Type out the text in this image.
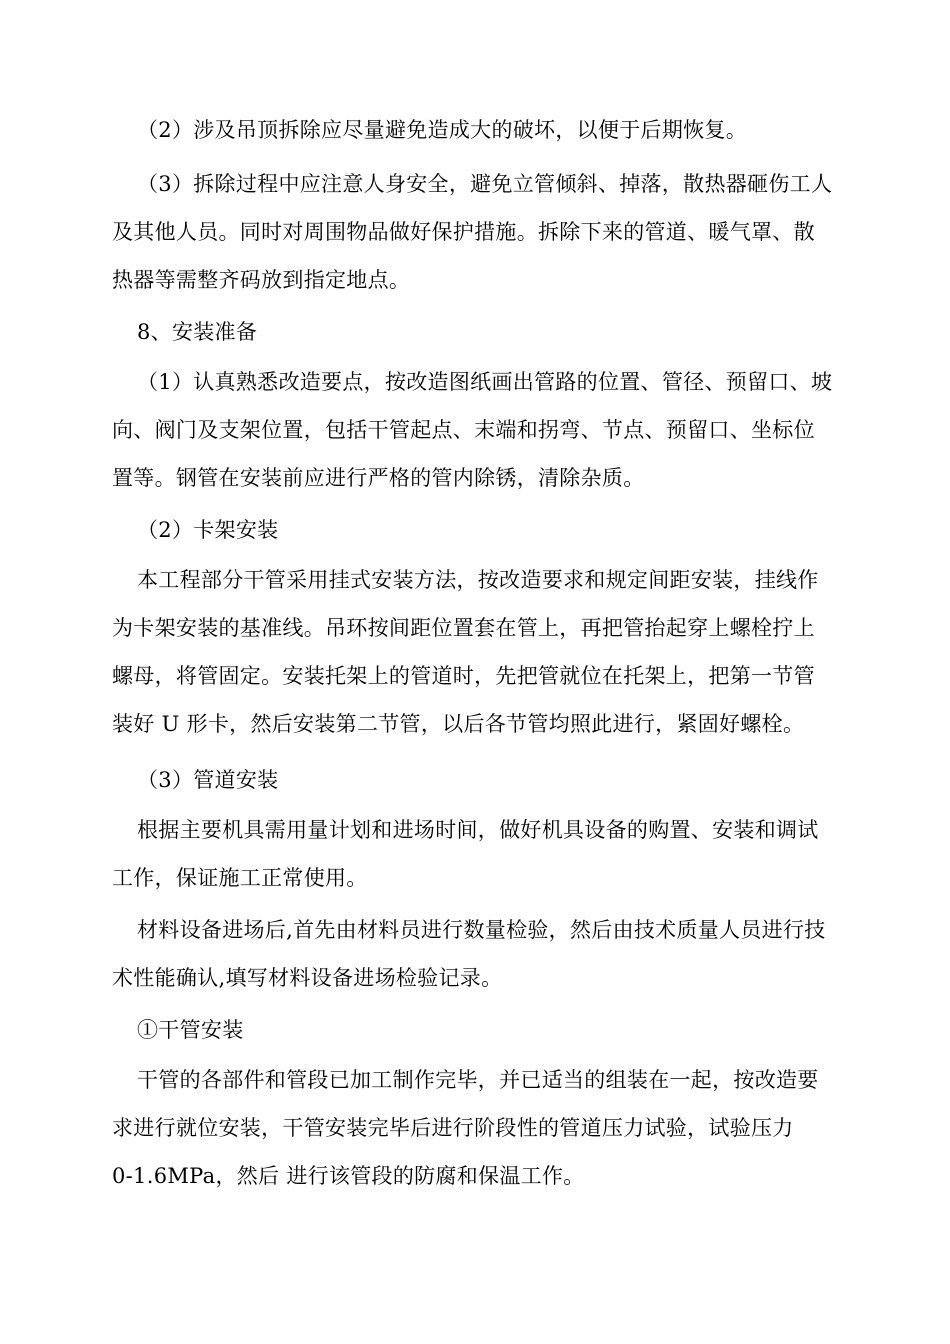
（2）涉及吊顶拆除应尽量避免造成大的破坏，以便于后期恢复。

（3）拆除过程中应注意人身安全，避免立管倾斜、掉落，散热器砸伤工人
及其他人员。同时对周围物品做好保护措施。拆除下来的管道、暖气罩、散
热器等需整齐码放到指定地点。

8、安装准备

（1）认真熟悉改造要点，按改造图纸画出管路的位置、管径、预留口、坡
向、阀门及支架位置，包括干管起点、末端和拐弯、节点、预留口、坐标位
置等。钢管在安装前应进行严格的管内除锈，清除杂质。

（2）卡架安装

本工程部分干管采用挂式安装方法，按改造要求和规定间距安装，挂线作
为卡架安装的基准线。吊环按间距位置套在管上，再把管抬起穿上螺栓拧上
螺母，将管固定。安装托架上的管道时，先把管就位在托架上，把第一节管
装好 U 形卡，然后安装第二节管，以后各节管均照此进行，紧固好螺栓。

（3）管道安装

根据主要机具需用量计划和进场时间，做好机具设备的购置、安装和调试
工作，保证施工正常使用。

材料设备进场后,首先由材料员进行数量检验，然后由技术质量人员进行技
术性能确认,填写材料设备进场检验记录。

①干管安装

干管的各部件和管段已加工制作完毕，并已适当的组装在一起，按改造要
求进行就位安装，干管安装完毕后进行阶段性的管道压力试验，试验压力
0-1.6MPa，然后 进行该管段的防腐和保温工作。
